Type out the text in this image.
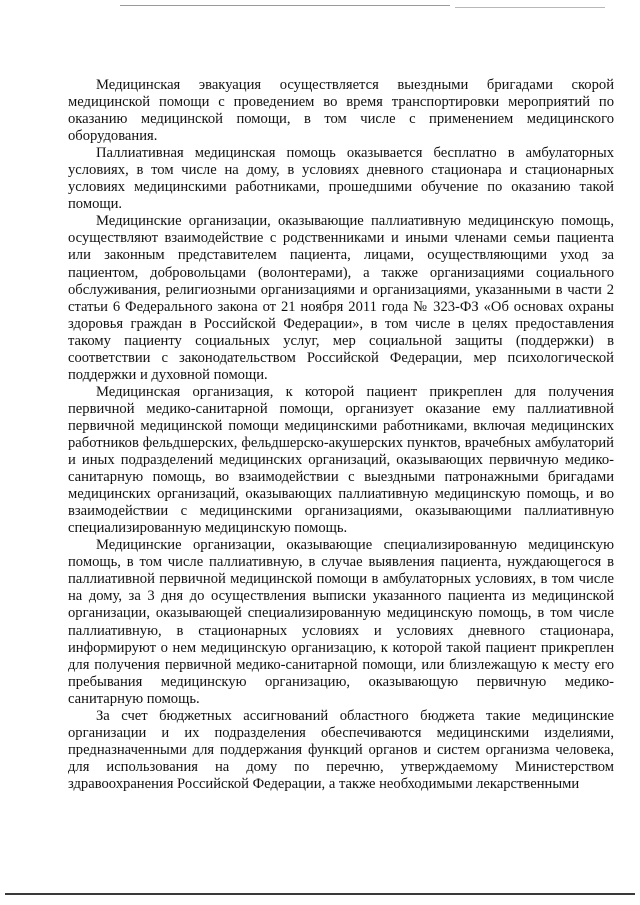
Медицинская эвакуация осуществляется выездными бригадами скорой медицинской помощи с проведением во время транспортировки мероприятий по оказанию медицинской помощи, в том числе с применением медицинского оборудования.

Паллиативная медицинская помощь оказывается бесплатно в амбулаторных условиях, в том числе на дому, в условиях дневного стационара и стационарных условиях медицинскими работниками, прошедшими обучение по оказанию такой помощи.

Медицинские организации, оказывающие паллиативную медицинскую помощь, осуществляют взаимодействие с родственниками и иными членами семьи пациента или законным представителем пациента, лицами, осуществляющими уход за пациентом, добровольцами (волонтерами), а также организациями социального обслуживания, религиозными организациями и организациями, указанными в части 2 статьи 6 Федерального закона от 21 ноября 2011 года № 323-ФЗ «Об основах охраны здоровья граждан в Российской Федерации», в том числе в целях предоставления такому пациенту социальных услуг, мер социальной защиты (поддержки) в соответствии с законодательством Российской Федерации, мер психологической поддержки и духовной помощи.

Медицинская организация, к которой пациент прикреплен для получения первичной медико-санитарной помощи, организует оказание ему паллиативной первичной медицинской помощи медицинскими работниками, включая медицинских работников фельдшерских, фельдшерско-акушерских пунктов, врачебных амбулаторий и иных подразделений медицинских организаций, оказывающих первичную медико-санитарную помощь, во взаимодействии с выездными патронажными бригадами медицинских организаций, оказывающих паллиативную медицинскую помощь, и во взаимодействии с медицинскими организациями, оказывающими паллиативную специализированную медицинскую помощь.

Медицинские организации, оказывающие специализированную медицинскую помощь, в том числе паллиативную, в случае выявления пациента, нуждающегося в паллиативной первичной медицинской помощи в амбулаторных условиях, в том числе на дому, за 3 дня до осуществления выписки указанного пациента из медицинской организации, оказывающей специализированную медицинскую помощь, в том числе паллиативную, в стационарных условиях и условиях дневного стационара, информируют о нем медицинскую организацию, к которой такой пациент прикреплен для получения первичной медико-санитарной помощи, или близлежащую к месту его пребывания медицинскую организацию, оказывающую первичную медико-санитарную помощь.

За счет бюджетных ассигнований областного бюджета такие медицинские организации и их подразделения обеспечиваются медицинскими изделиями, предназначенными для поддержания функций органов и систем организма человека, для использования на дому по перечню, утверждаемому Министерством здравоохранения Российской Федерации, а также необходимыми лекарственными
